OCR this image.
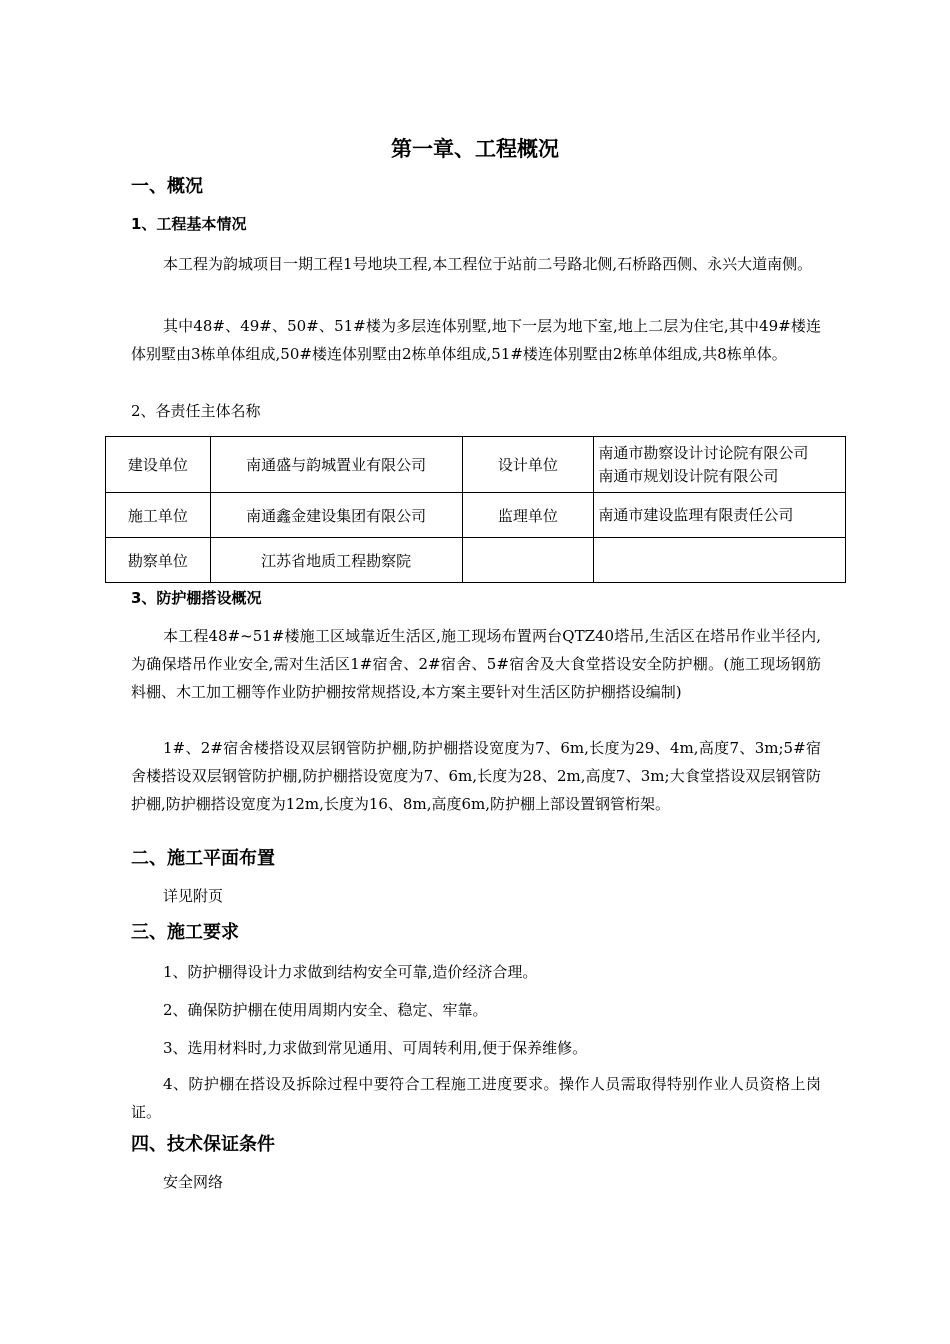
第一章、工程概况
一、概况
1、工程基本情况
本工程为韵城项目一期工程1号地块工程,本工程位于站前二号路北侧,石桥路西侧、永兴大道南侧。
其中48#、49#、50#、51#楼为多层连体别墅,地下一层为地下室,地上二层为住宅,其中49#楼连体别墅由3栋单体组成,50#楼连体别墅由2栋单体组成,51#楼连体别墅由2栋单体组成,共8栋单体。
2、各责任主体名称
建设单位	南通盛与韵城置业有限公司	设计单位	南通市勘察设计讨论院有限公司
南通市规划设计院有限公司

施工单位	南通鑫金建设集团有限公司	监理单位	南通市建设监理有限责任公司
勘察单位	江苏省地质工程勘察院		
3、防护棚搭设概况
本工程48#~51#楼施工区域靠近生活区,施工现场布置两台QTZ40塔吊,生活区在塔吊作业半径内,为确保塔吊作业安全,需对生活区1#宿舍、2#宿舍、5#宿舍及大食堂搭设安全防护棚。(施工现场钢筋料棚、木工加工棚等作业防护棚按常规搭设,本方案主要针对生活区防护棚搭设编制)
1#、2#宿舍楼搭设双层钢管防护棚,防护棚搭设宽度为7、6m,长度为29、4m,高度7、3m;5#宿舍楼搭设双层钢管防护棚,防护棚搭设宽度为7、6m,长度为28、2m,高度7、3m;大食堂搭设双层钢管防护棚,防护棚搭设宽度为12m,长度为16、8m,高度6m,防护棚上部设置钢管桁架。
二、施工平面布置
详见附页
三、施工要求
1、防护棚得设计力求做到结构安全可靠,造价经济合理。
2、确保防护棚在使用周期内安全、稳定、牢靠。
3、选用材料时,力求做到常见通用、可周转利用,便于保养维修。
4、防护棚在搭设及拆除过程中要符合工程施工进度要求。操作人员需取得特别作业人员资格上岗证。
四、技术保证条件
安全网络
